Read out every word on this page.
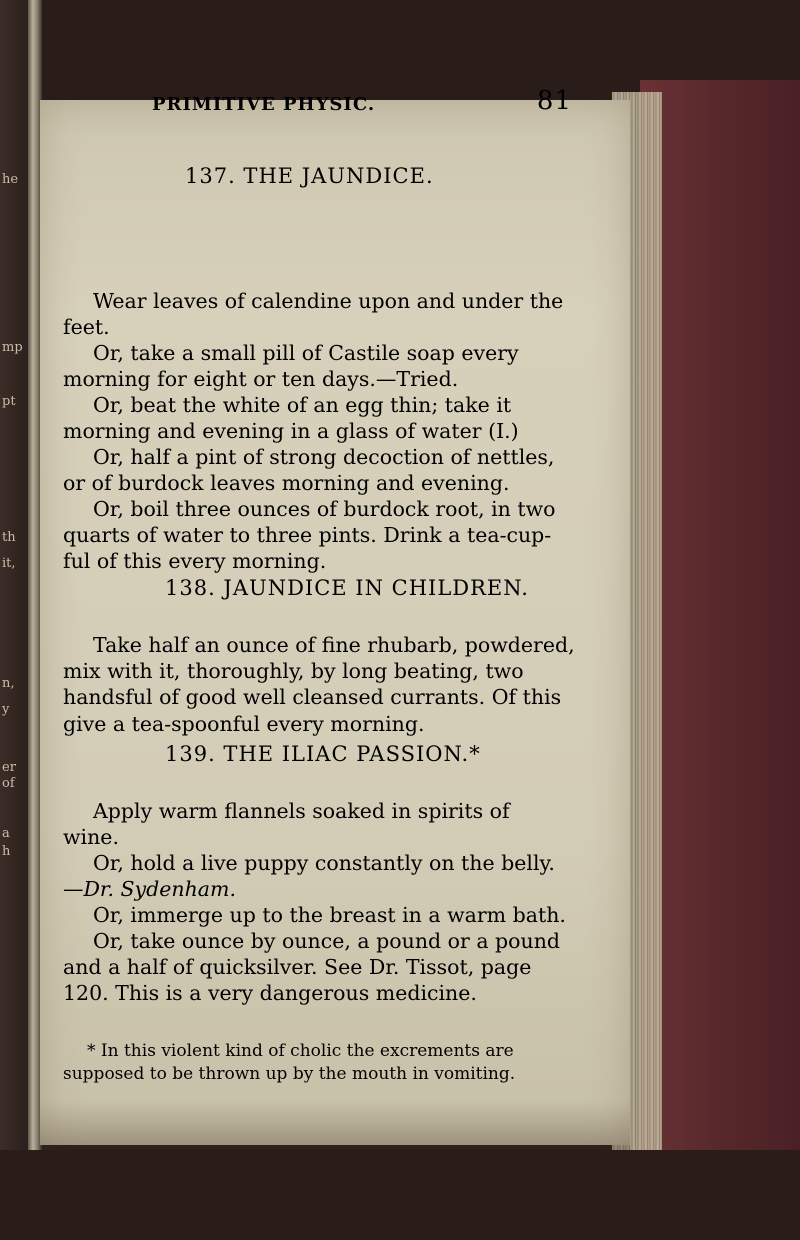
he
mp
pt
th
it,
n,
y
er
of
a
h
PRIMITIVE PHYSIC.	81
137. THE JAUNDICE.
Wear leaves of calendine upon and under the
feet.
Or, take a small pill of Castile soap every
morning for eight or ten days.—Tried.
Or, beat the white of an egg thin; take it
morning and evening in a glass of water (I.)
Or, half a pint of strong decoction of nettles,
or of burdock leaves morning and evening.
Or, boil three ounces of burdock root, in two
quarts of water to three pints. Drink a tea-cup-
ful of this every morning.
138. JAUNDICE IN CHILDREN.
Take half an ounce of fine rhubarb, powdered,
mix with it, thoroughly, by long beating, two
handsful of good well cleansed currants. Of this
give a tea-spoonful every morning.
139. THE ILIAC PASSION.*
Apply warm flannels soaked in spirits of
wine.
Or, hold a live puppy constantly on the belly.
—Dr. Sydenham.
Or, immerge up to the breast in a warm bath.
Or, take ounce by ounce, a pound or a pound
and a half of quicksilver. See Dr. Tissot, page
120. This is a very dangerous medicine.
* In this violent kind of cholic the excrements are
supposed to be thrown up by the mouth in vomiting.
